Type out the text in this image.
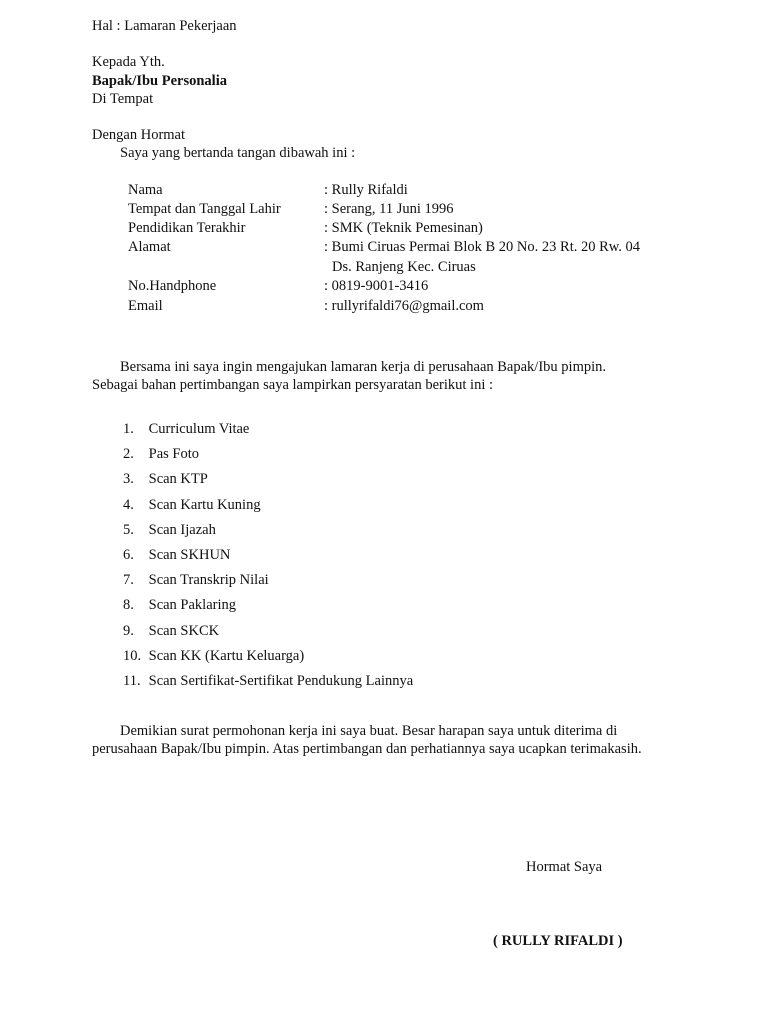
Hal : Lamaran Pekerjaan
Kepada Yth.
Bapak/Ibu Personalia
Di Tempat
Dengan Hormat
Saya yang bertanda tangan dibawah ini :
Nama	: Rully Rifaldi
Tempat dan Tanggal Lahir	: Serang, 11 Juni 1996
Pendidikan Terakhir	: SMK (Teknik Pemesinan)
Alamat	: Bumi Ciruas Permai Blok B 20 No. 23 Rt. 20 Rw. 04
Ds. Ranjeng Kec. Ciruas
No.Handphone	: 0819-9001-3416
Email	: rullyrifaldi76@gmail.com
Bersama ini saya ingin mengajukan lamaran kerja di perusahaan Bapak/Ibu pimpin.
Sebagai bahan pertimbangan saya lampirkan persyaratan berikut ini :
1. Curriculum Vitae
2. Pas Foto
3. Scan KTP
4. Scan Kartu Kuning
5. Scan Ijazah
6. Scan SKHUN
7. Scan Transkrip Nilai
8. Scan Paklaring
9. Scan SKCK
10. Scan KK (Kartu Keluarga)
11. Scan Sertifikat-Sertifikat Pendukung Lainnya
Demikian surat permohonan kerja ini saya buat. Besar harapan saya untuk diterima di
perusahaan Bapak/Ibu pimpin. Atas pertimbangan dan perhatiannya saya ucapkan terimakasih.
Hormat Saya
( RULLY RIFALDI )
